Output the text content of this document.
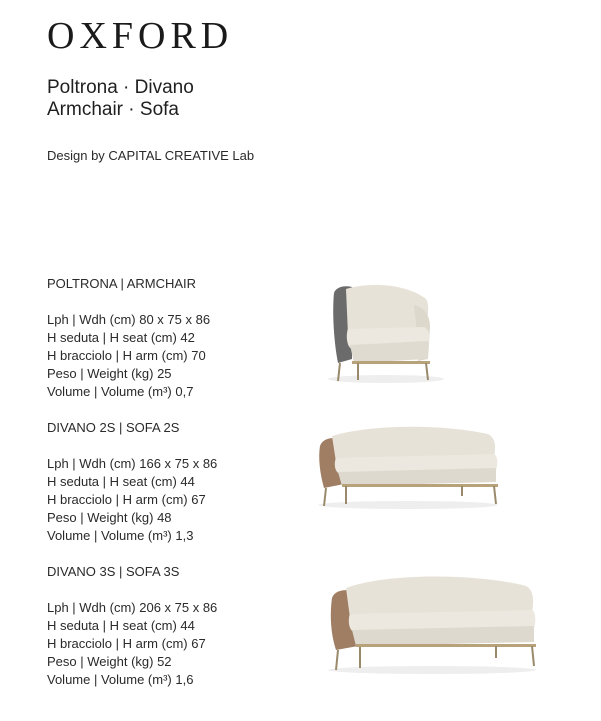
OXFORD
Poltrona · Divano
Armchair · Sofa
Design by CAPITAL CREATIVE Lab
POLTRONA | ARMCHAIR
Lph | Wdh (cm) 80 x 75 x 86
H seduta | H seat (cm) 42
H bracciolo | H arm (cm) 70
Peso | Weight (kg) 25
Volume | Volume (m³) 0,7
DIVANO 2S | SOFA 2S
Lph | Wdh (cm) 166 x 75 x 86
H seduta | H seat (cm) 44
H bracciolo | H arm (cm) 67
Peso | Weight (kg) 48
Volume | Volume (m³) 1,3
DIVANO 3S | SOFA 3S
Lph | Wdh (cm) 206 x 75 x 86
H seduta | H seat (cm) 44
H bracciolo | H arm (cm) 67
Peso | Weight (kg) 52
Volume | Volume (m³) 1,6
